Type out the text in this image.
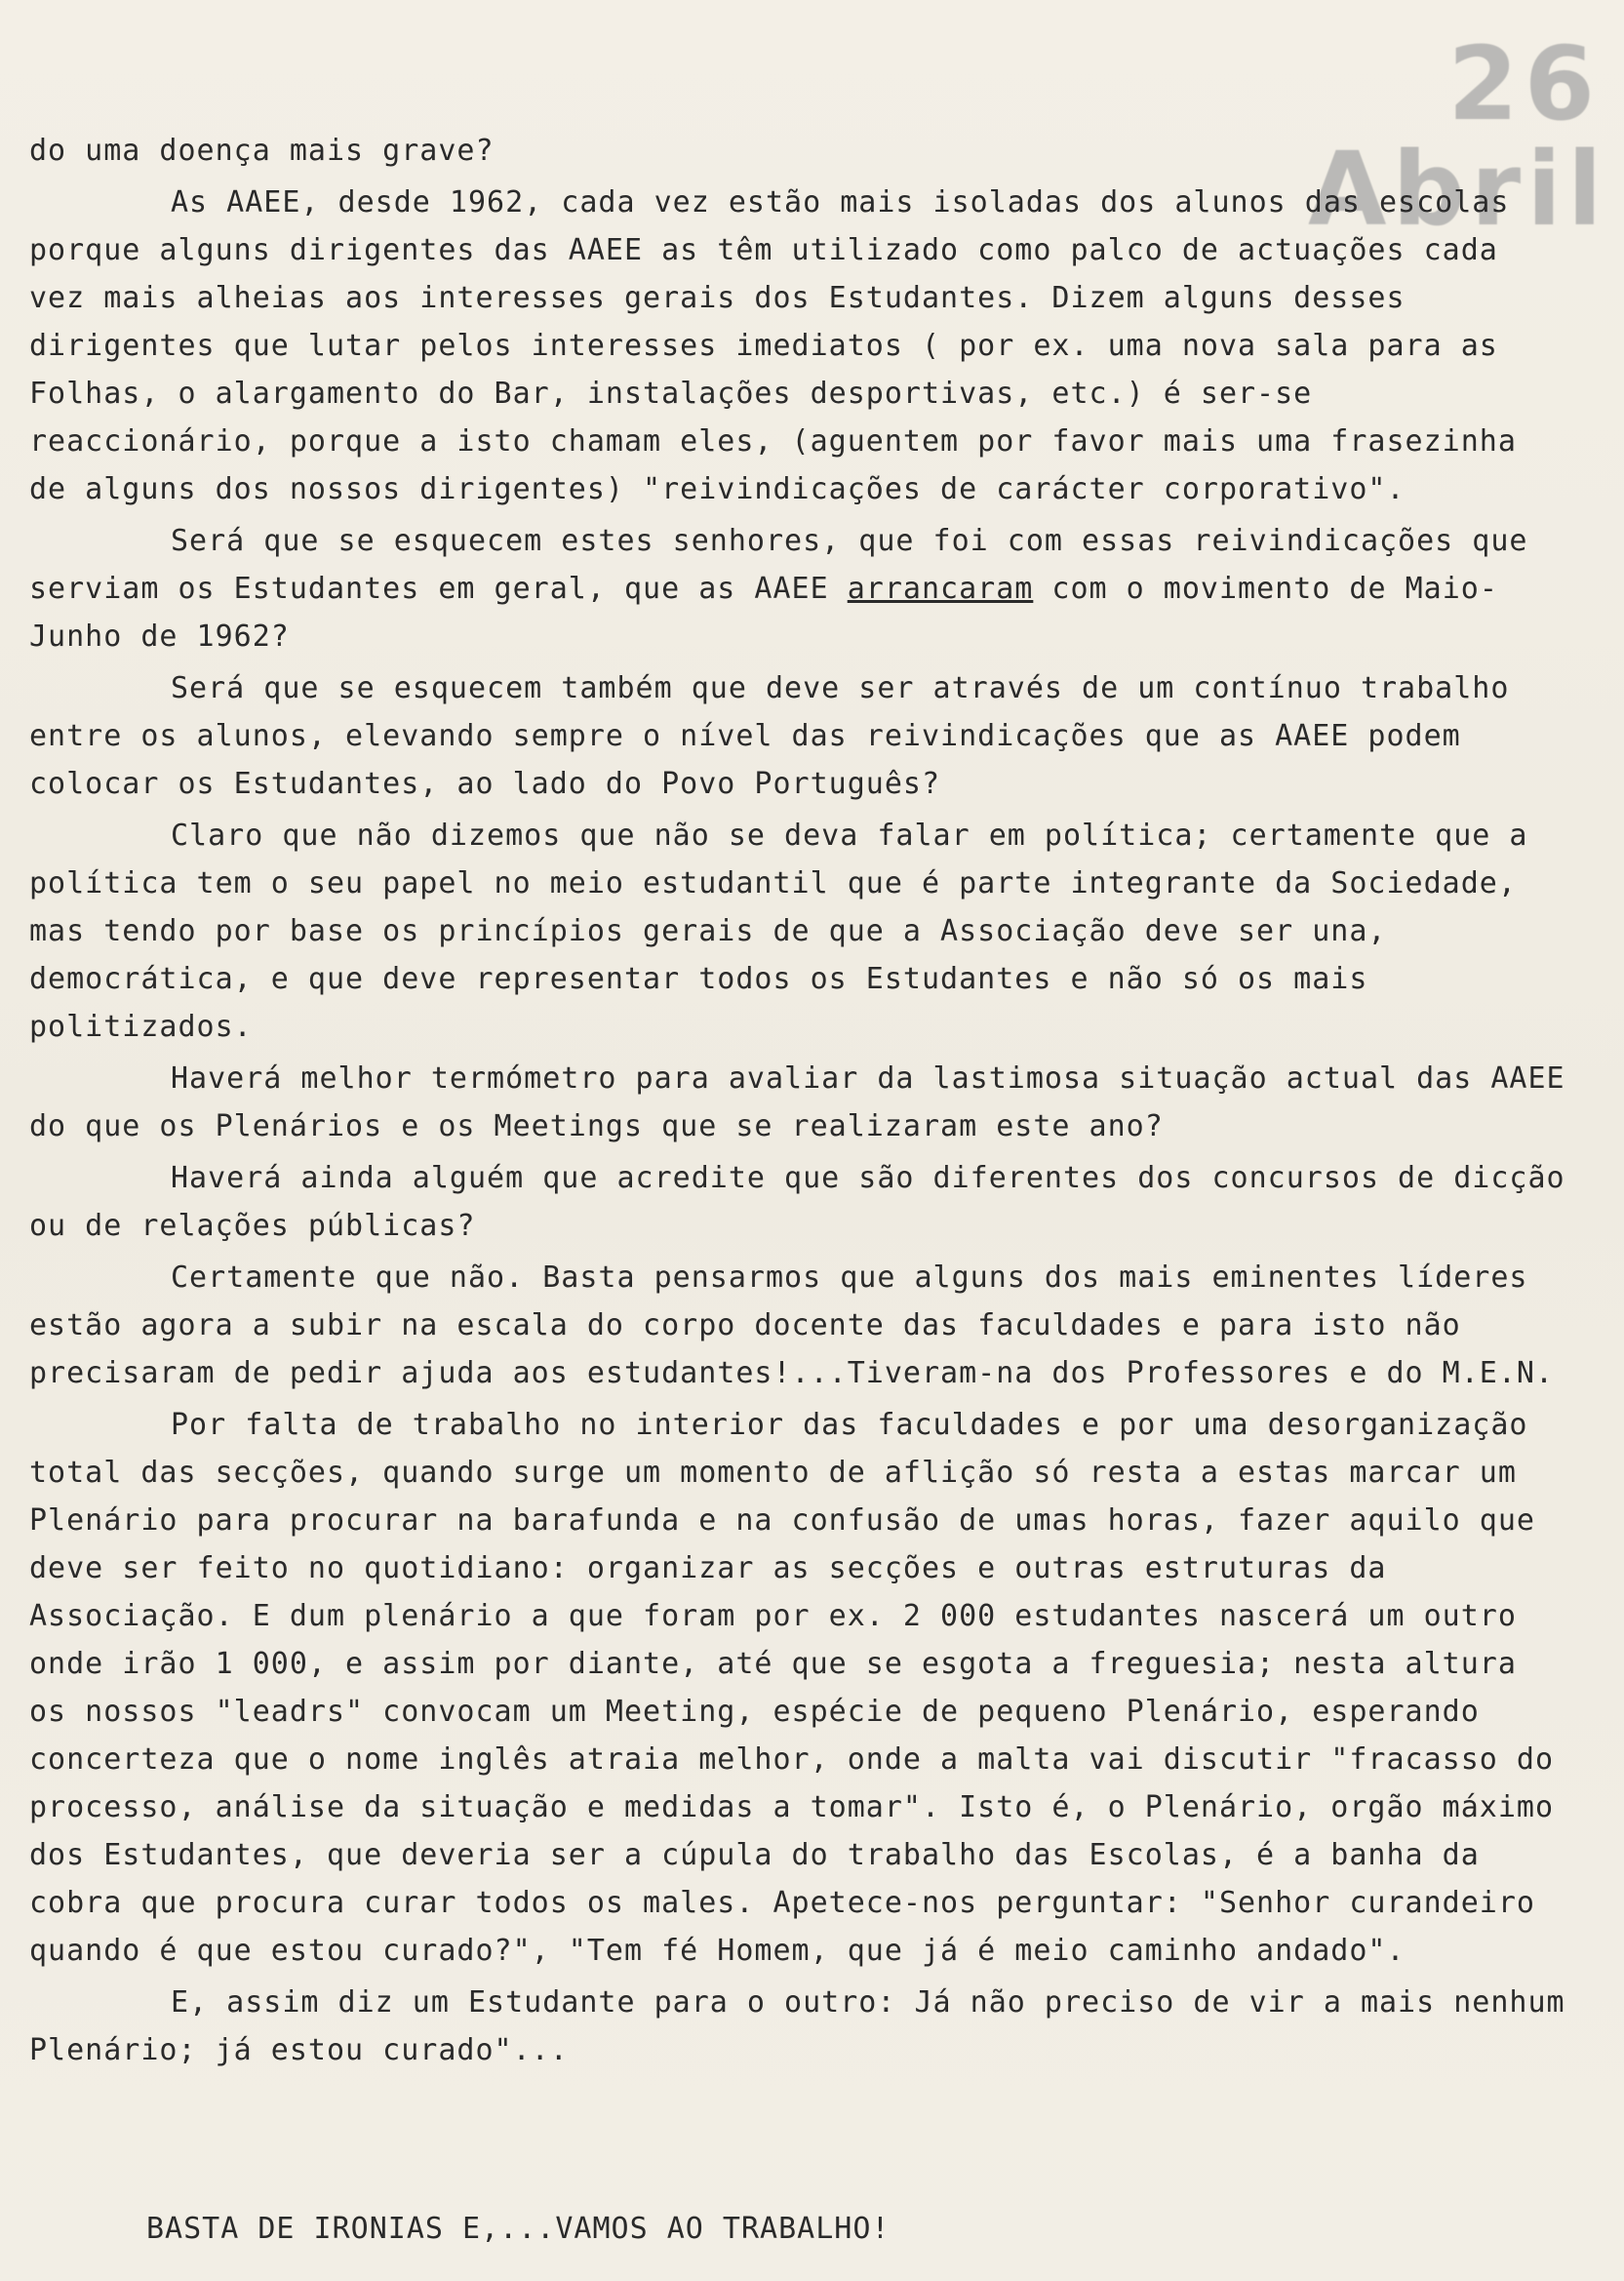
26 Abril

do uma doença mais grave?

As AAEE, desde 1962, cada vez estão mais isoladas dos alunos das escolas porque alguns dirigentes das AAEE as têm utilizado como palco de actuações cada vez mais alheias aos interesses gerais dos Estudantes. Dizem alguns desses dirigentes que lutar pelos interesses imediatos ( por ex. uma nova sala para as Folhas, o alargamento do Bar, instalações desportivas, etc.) é ser-se reaccionário, porque a isto chamam eles, (aguentem por favor mais uma frasezinha de alguns dos nossos dirigentes) "reivindicações de carácter corporativo".

Será que se esquecem estes senhores, que foi com essas reivindicações que serviam os Estudantes em geral, que as AAEE arrancaram com o movimento de Maio-Junho de 1962?

Será que se esquecem também que deve ser através de um contínuo trabalho entre os alunos, elevando sempre o nível das reivindicações que as AAEE podem colocar os Estudantes, ao lado do Povo Português?

Claro que não dizemos que não se deva falar em política; certamente que a política tem o seu papel no meio estudantil que é parte integrante da Sociedade, mas tendo por base os princípios gerais de que a Associação deve ser una, democrática, e que deve representar todos os Estudantes e não só os mais politizados.

Haverá melhor termómetro para avaliar da lastimosa situação actual das AAEE do que os Plenários e os Meetings que se realizaram este ano?

Haverá ainda alguém que acredite que são diferentes dos concursos de dicção ou de relações públicas?

Certamente que não. Basta pensarmos que alguns dos mais eminentes líderes estão agora a subir na escala do corpo docente das faculdades e para isto não precisaram de pedir ajuda aos estudantes!...Tiveram-na dos Professores e do M.E.N.

Por falta de trabalho no interior das faculdades e por uma desorganização total das secções, quando surge um momento de aflição só resta a estas marcar um Plenário para procurar na barafunda e na confusão de umas horas, fazer aquilo que deve ser feito no quotidiano: organizar as secções e outras estruturas da Associação. E dum plenário a que foram por ex. 2 000 estudantes nascerá um outro onde irão 1 000, e assim por diante, até que se esgota a freguesia; nesta altura os nossos "leadrs" convocam um Meeting, espécie de pequeno Plenário, esperando concerteza que o nome inglês atraia melhor, onde a malta vai discutir "fracasso do processo, análise da situação e medidas a tomar". Isto é, o Plenário, orgão máximo dos Estudantes, que deveria ser a cúpula do trabalho das Escolas, é a banha da cobra que procura curar todos os males. Apetece-nos perguntar: "Senhor curandeiro quando é que estou curado?", "Tem fé Homem, que já é meio caminho andado".

E, assim diz um Estudante para o outro: Já não preciso de vir a mais nenhum Plenário; já estou curado"...

BASTA DE IRONIAS E,...VAMOS AO TRABALHO!
